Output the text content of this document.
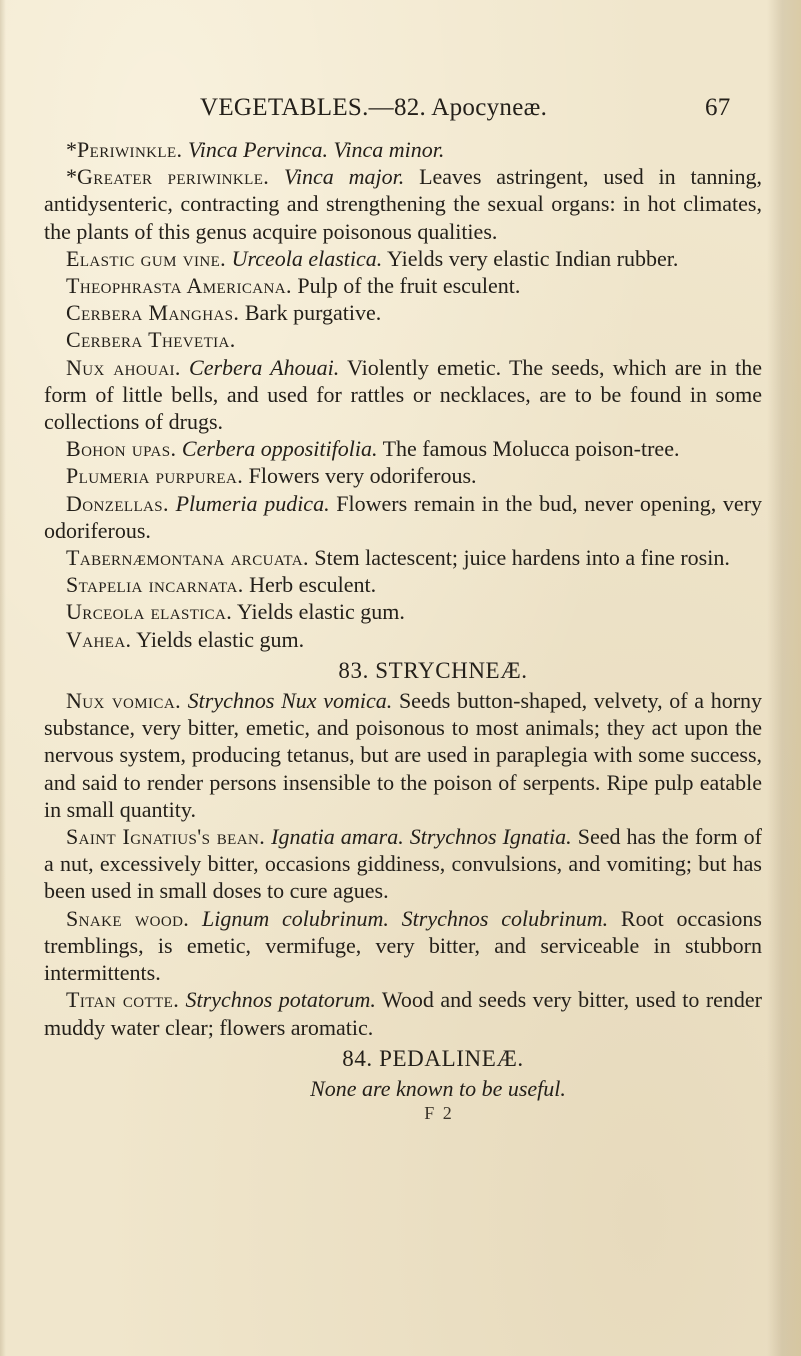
VEGETABLES.—82. Apocyneæ.	67

*Periwinkle. Vinca Pervinca. Vinca minor.

*Greater periwinkle. Vinca major. Leaves astringent, used in tanning, antidysenteric, contracting and strengthening the sexual organs: in hot climates, the plants of this genus acquire poisonous qualities.

Elastic gum vine. Urceola elastica. Yields very elastic Indian rubber.

Theophrasta Americana. Pulp of the fruit esculent.

Cerbera Manghas. Bark purgative.

Cerbera Thevetia.

Nux ahouai. Cerbera Ahouai. Violently emetic. The seeds, which are in the form of little bells, and used for rattles or necklaces, are to be found in some collections of drugs.

Bohon upas. Cerbera oppositifolia. The famous Molucca poison-tree.

Plumeria purpurea. Flowers very odoriferous.

Donzellas. Plumeria pudica. Flowers remain in the bud, never opening, very odoriferous.

Tabernæmontana arcuata. Stem lactescent; juice hardens into a fine rosin.

Stapelia incarnata. Herb esculent.

Urceola elastica. Yields elastic gum.

Vahea. Yields elastic gum.

83. STRYCHNEÆ.

Nux vomica. Strychnos Nux vomica. Seeds button-shaped, velvety, of a horny substance, very bitter, emetic, and poisonous to most animals; they act upon the nervous system, producing tetanus, but are used in paraplegia with some success, and said to render persons insensible to the poison of serpents. Ripe pulp eatable in small quantity.

Saint Ignatius's bean. Ignatia amara. Strychnos Ignatia. Seed has the form of a nut, excessively bitter, occasions giddiness, convulsions, and vomiting; but has been used in small doses to cure agues.

Snake wood. Lignum colubrinum. Strychnos colubrinum. Root occasions tremblings, is emetic, vermifuge, very bitter, and serviceable in stubborn intermittents.

Titan cotte. Strychnos potatorum. Wood and seeds very bitter, used to render muddy water clear; flowers aromatic.

84. PEDALINEÆ.
None are known to be useful.
F 2
